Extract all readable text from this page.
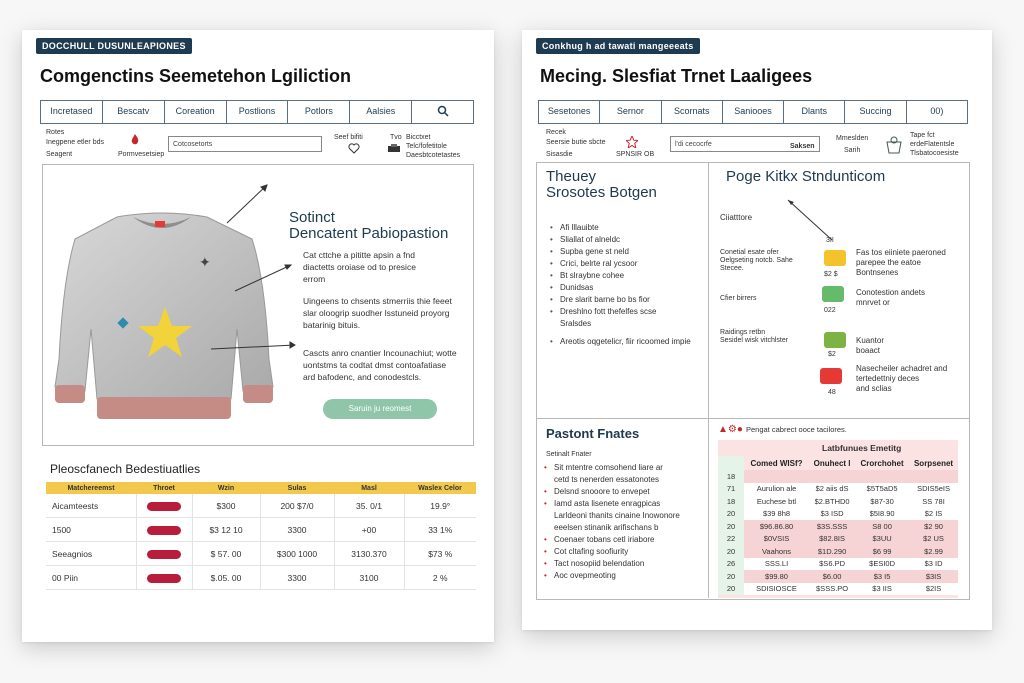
DOCCHULL DUSUNLEAPIONES
Comgenctins Seemetehon Lgiliction
Incretased	Bescatv	Coreation	Postlions	Potlors	Aalsies
Rotes
Inegpene etler bds
Seagent	Pormvesetsiep
Cotcosetorts
Seef bifiti	Tvo Bicctxet
Telc/fofetitole
Daesbtcotetastes
✦
Sotinct
Dencatent Pabiopastion
Cat cttche a pititte apsin a fnd
diactetts oroiase od to presice
errom
Uingeens to chsents stmerriis thie feeet
slar oloogrip suodher lsstuneid proyorg
batarinig bituis.
Cascts anro cnantier Incounachiut; wotte
uontstms ta codtat dmst contoafatiase
ard bafodenc, and conodestcls.
Saruin ju reomest
Pleoscfanech Bedestiuatlies
Matchereemst	Throet	Wzin	Sulas	Masl	Waslex Celor
Aicamteests		$300	200 $7/0	35. 0/1	19.9°
1500		$3 12 10	3300	+00	33 1%
Seeagnios		$ 57. 00	$300 1000	3130.370	$73 %
00 Piin		$.05. 00	3300	3100	2 %
Conkhug h ad tawati mangeeeats
Mecing. Slesfiat Trnet Laaligees
Sesetones	Sernor	Scornats	Saniooes	Dlants	Succing	00)
Recek
Seersie butie sbcte
Sisasdie	SPNSIR OB
l'di cecocrfe	Saksen
Mmeslden
Sarih
Tape fct
erdeFlatentsle
Tlsbatocoesiste
Theuey
Srosotes Botgen
• Afi lllauibte
• Sliallat of alneldc
• Supba gene st neld
• Crici, belrte ral ycsoor
• Bt slraybne cohee
• Dunidsas
• Dre slarit barne bo bs fior
• Dreshlno fott thefelfes scse
Sralsdes
• Areotis oqgetelicr, fiir ricoomed impie
Poge Kitkx Stndunticom
Ciiatttore
3II
Conetial esate ofer
Oelgseting notcb. Sahe
Stecee.
$2 $
Fas tos eiiniete paeroned
parepee the eatoe
Bontnsenes
Cfier birrers
022
Conotestion andets
mnrvet or
Raidings retbn
Sesidel wisk vitchlster
$2
Kuantor
boaact
48
Nasecheiler achadret and
tertedettniy deces
and sclias
Pastont Fnates
Setinalt Fnater
• Sit mtentre comsohend liare ar
cetd ts nenerden essatonotes
• Delsnd snooore to envepet
• Iamd asta lisenete enragpicas
Larldeoni thanits cinaine Inowonore
eeelsen stinanik arifischans b
• Coenaer tobans cetl iriabore
• Cot cltafing soofiurity
• Tact nosopiid belendation
• Aoc ovepmeoting
▲⚙● Pengat cabrect ooce tacilores.
Latbfunues Emetitg
	Comed WISf?	Onuhect l	Crorchohet	Sorpsenet
18				
71	Aurulion ale	$2 aiis dS	$5T5aD5	SDIS5eIS
18	Euchese btl	$2.BTHD0	$87-30	SS 78I
20	$39 8h8	$3 ISD	$5I8.90	$2 IS
20	$96.86.80	$3S.SSS	S8 00	$2 90
22	$0VSIS	$82.8IS	$3UU	$2 US
20	Vaahons	$1D.290	$6 99	$2.99
26	SSS.LI	$S6.PD	$ESI0D	$3 ID
20	$99.80	$6.00	$3 I5	$3IS
20	SDISIOSCE	$SSS.PO	$3 IIS	$2IS
